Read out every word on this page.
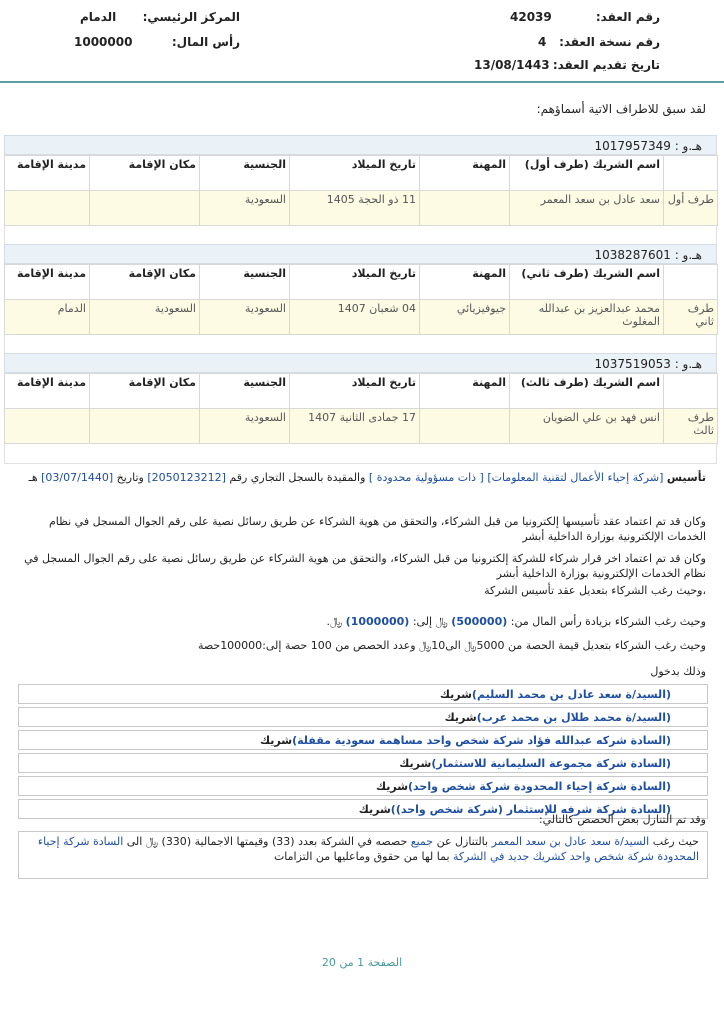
رقم العقد:
42039
المركز الرئيسي:
الدمام
رقم نسخة العقد:
4
رأس المال:
1000000
تاريخ تقديم العقد:
13/08/1443
لقد سبق للاطراف الاتية أسماؤهم:
هـ.و : 1017957349
	اسم الشريك (طرف أول)	المهنة	تاريخ الميلاد	الجنسية	مكان الإقامة	مدينة الإقامة
طرف أول	سعد عادل بن سعد المعمر		11 ذو الحجة 1405	السعودية		
هـ.و : 1038287601
	اسم الشريك (طرف ثاني)	المهنة	تاريخ الميلاد	الجنسية	مكان الإقامة	مدينة الإقامة
طرف ثاني	محمد عبدالعزيز بن عبدالله المغلوث	جيوفيزيائي	04 شعبان 1407	السعودية	السعودية	الدمام
هـ.و : 1037519053
	اسم الشريك (طرف ثالث)	المهنة	تاريخ الميلاد	الجنسية	مكان الإقامة	مدينة الإقامة
طرف ثالث	انس فهد بن علي الضويان		17 جمادى الثانية 1407	السعودية		
تأسيس [شركة إحياء الأعمال لتقنية المعلومات] [ ذات مسؤولية محدودة ] والمقيدة بالسجل التجاري رقم [2050123212] وتاريخ [03/07/1440] هـ
وكان قد تم اعتماد عقد تأسيسها إلكترونيا من قبل الشركاء، والتحقق من هوية الشركاء عن طريق رسائل نصية على رقم الجوال المسجل في نظام الخدمات الإلكترونية بوزارة الداخلية أبشر
وكان قد تم اعتماد اخر قرار شركاء للشركة إلكترونيا من قبل الشركاء، والتحقق من هوية الشركاء عن طريق رسائل نصية على رقم الجوال المسجل في نظام الخدمات الإلكترونية بوزارة الداخلية أبشر
،وحيث رغب الشركاء بتعديل عقد تأسيس الشركة
وحيث رغب الشركاء بزيادة رأس المال من: (500000) ﷼ إلى: (1000000) ﷼.
وحيث رغب الشركاء بتعديل قيمة الحصة من 5000﷼ الى10﷼ وعدد الحصص من 100 حصة إلى:100000حصة
وذلك بدخول
(السيد/ة سعد عادل بن محمد السليم)شريك
(السيد/ة محمد طلال بن محمد عرب)شريك
(السادة شركه عبدالله فؤاد شركة شخص واحد مساهمة سعودية مقفلة)شريك
(السادة شركة مجموعة السليمانية للاستثمار)شريك
(السادة شركة إحياء المحدودة شركة شخص واحد)شريك
(السادة شركة شرفه للإستثمار (شركة شخص واحد))شريك
وقد تم التنازل بعض الحصص كالتالي:
حيث رغب السيد/ة سعد عادل بن سعد المعمر بالتنازل عن جميع حصصه في الشركة بعدد (33) وقيمتها الاجمالية (330) ﷼ الى السادة شركة إحياء المحدودة شركة شخص واحد كشريك جديد في الشركة بما لها من حقوق وماعليها من التزامات
الصفحة 1 من 20
